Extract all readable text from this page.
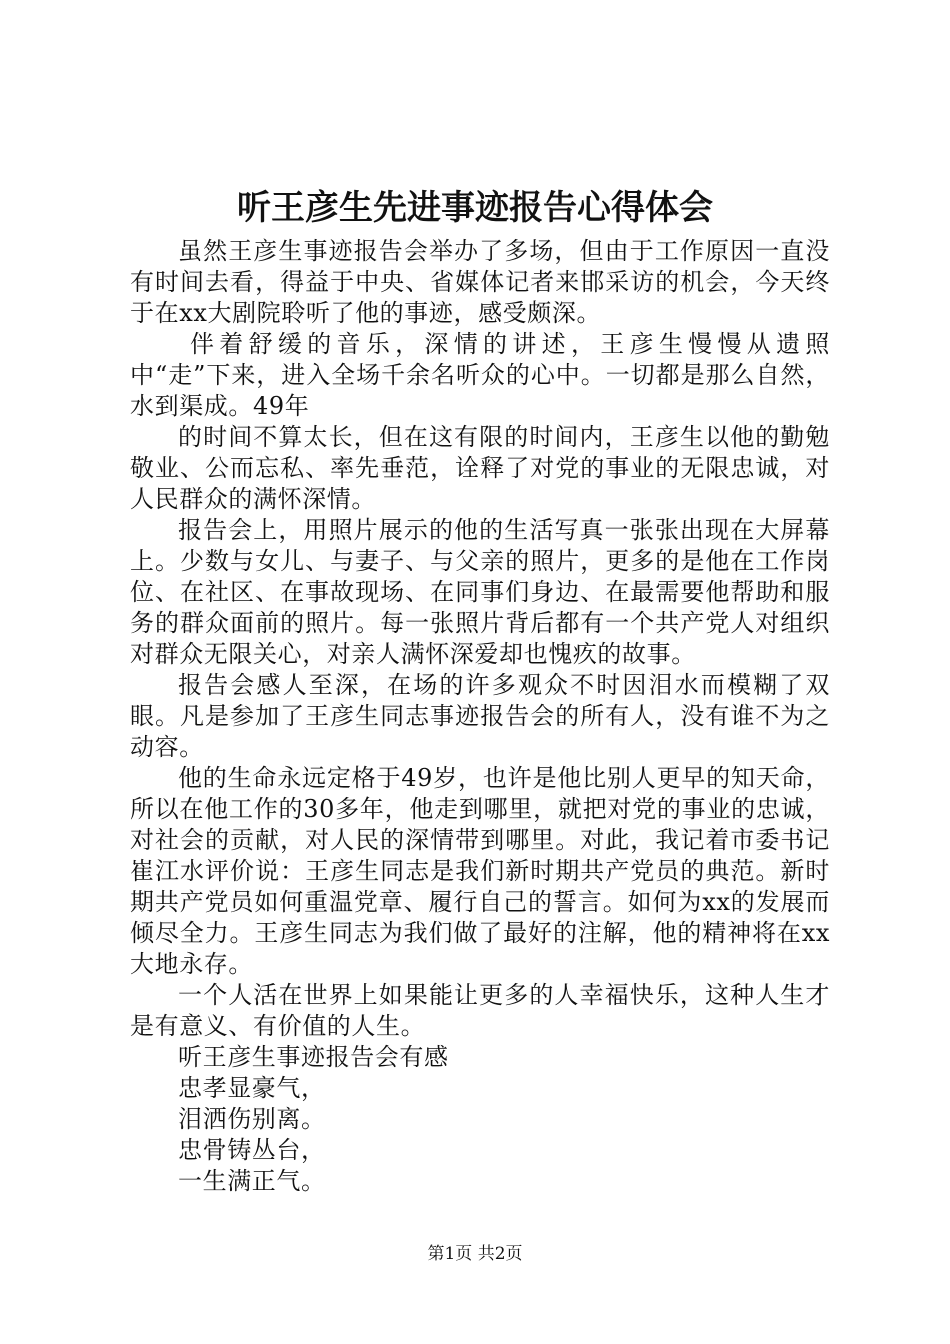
听王彦生先进事迹报告心得体会

虽然王彦生事迹报告会举办了多场，但由于工作原因一直没有时间去看，得益于中央、省媒体记者来邯采访的机会，今天终于在xx大剧院聆听了他的事迹，感受颇深。

伴着舒缓的音乐，深情的讲述，王彦生慢慢从遗照中“走”下来，进入全场千余名听众的心中。一切都是那么自然，水到渠成。49年

的时间不算太长，但在这有限的时间内，王彦生以他的勤勉敬业、公而忘私、率先垂范，诠释了对党的事业的无限忠诚，对人民群众的满怀深情。

报告会上，用照片展示的他的生活写真一张张出现在大屏幕上。少数与女儿、与妻子、与父亲的照片，更多的是他在工作岗位、在社区、在事故现场、在同事们身边、在最需要他帮助和服务的群众面前的照片。每一张照片背后都有一个共产党人对组织对群众无限关心，对亲人满怀深爱却也愧疚的故事。

报告会感人至深，在场的许多观众不时因泪水而模糊了双眼。凡是参加了王彦生同志事迹报告会的所有人，没有谁不为之动容。

他的生命永远定格于49岁，也许是他比别人更早的知天命，所以在他工作的30多年，他走到哪里，就把对党的事业的忠诚，对社会的贡献，对人民的深情带到哪里。对此，我记着市委书记崔江水评价说：王彦生同志是我们新时期共产党员的典范。新时期共产党员如何重温党章、履行自己的誓言。如何为xx的发展而倾尽全力。王彦生同志为我们做了最好的注解，他的精神将在xx大地永存。

一个人活在世界上如果能让更多的人幸福快乐，这种人生才是有意义、有价值的人生。

听王彦生事迹报告会有感

忠孝显豪气，

泪洒伤别离。

忠骨铸丛台，

一生满正气。

第1页 共2页
